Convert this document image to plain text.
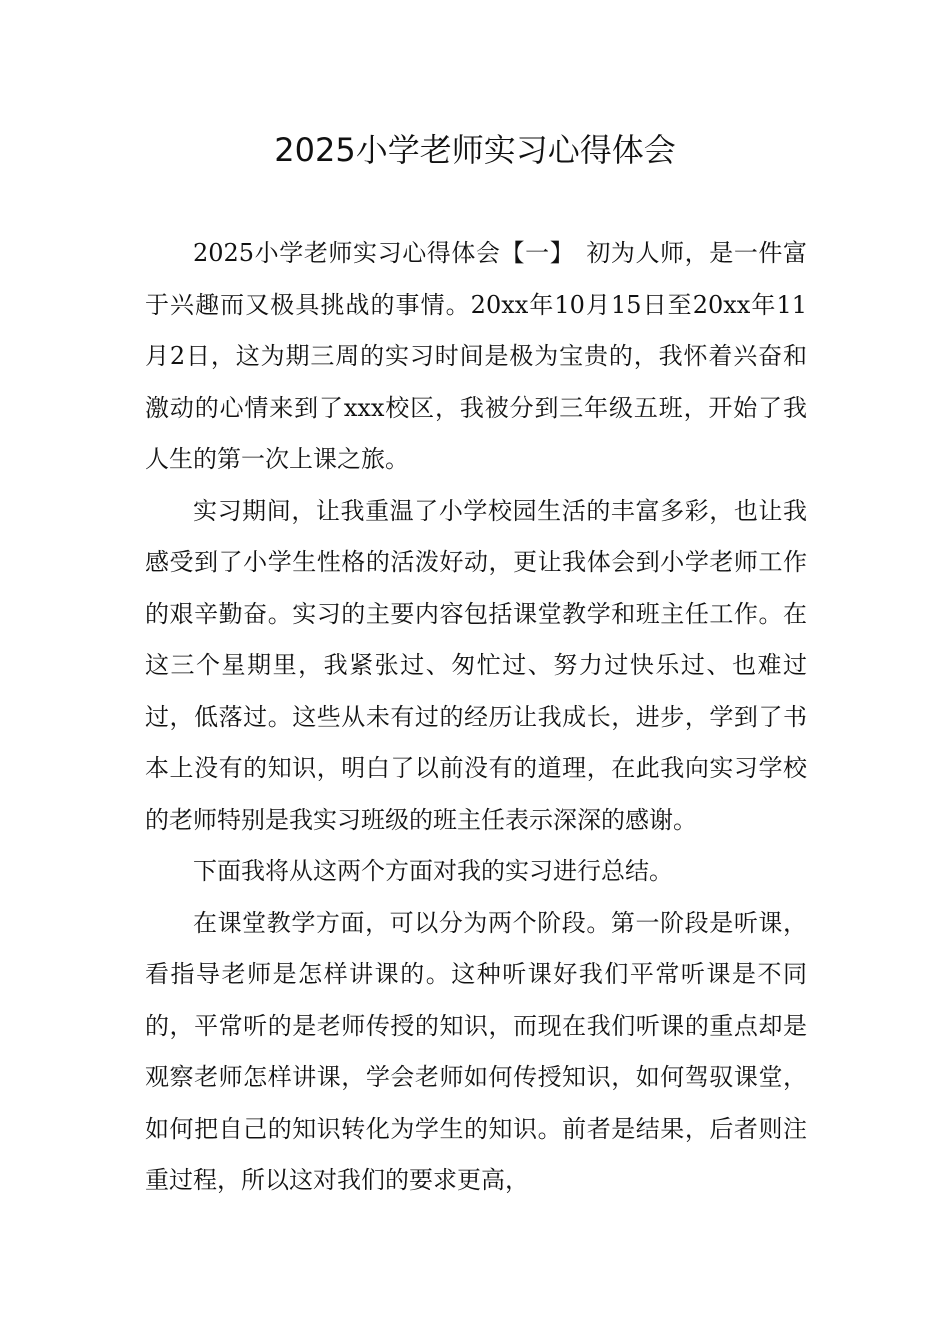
2025小学老师实习心得体会

2025小学老师实习心得体会【一】 初为人师，是一件富于兴趣而又极具挑战的事情。20xx年10月15日至20xx年11月2日，这为期三周的实习时间是极为宝贵的，我怀着兴奋和激动的心情来到了xxx校区，我被分到三年级五班，开始了我人生的第一次上课之旅。

实习期间，让我重温了小学校园生活的丰富多彩，也让我感受到了小学生性格的活泼好动，更让我体会到小学老师工作的艰辛勤奋。实习的主要内容包括课堂教学和班主任工作。在这三个星期里，我紧张过、匆忙过、努力过快乐过、也难过过，低落过。这些从未有过的经历让我成长，进步，学到了书本上没有的知识，明白了以前没有的道理，在此我向实习学校的老师特别是我实习班级的班主任表示深深的感谢。

下面我将从这两个方面对我的实习进行总结。

在课堂教学方面，可以分为两个阶段。第一阶段是听课，看指导老师是怎样讲课的。这种听课好我们平常听课是不同的，平常听的是老师传授的知识，而现在我们听课的重点却是观察老师怎样讲课，学会老师如何传授知识，如何驾驭课堂，如何把自己的知识转化为学生的知识。前者是结果，后者则注重过程，所以这对我们的要求更高，
